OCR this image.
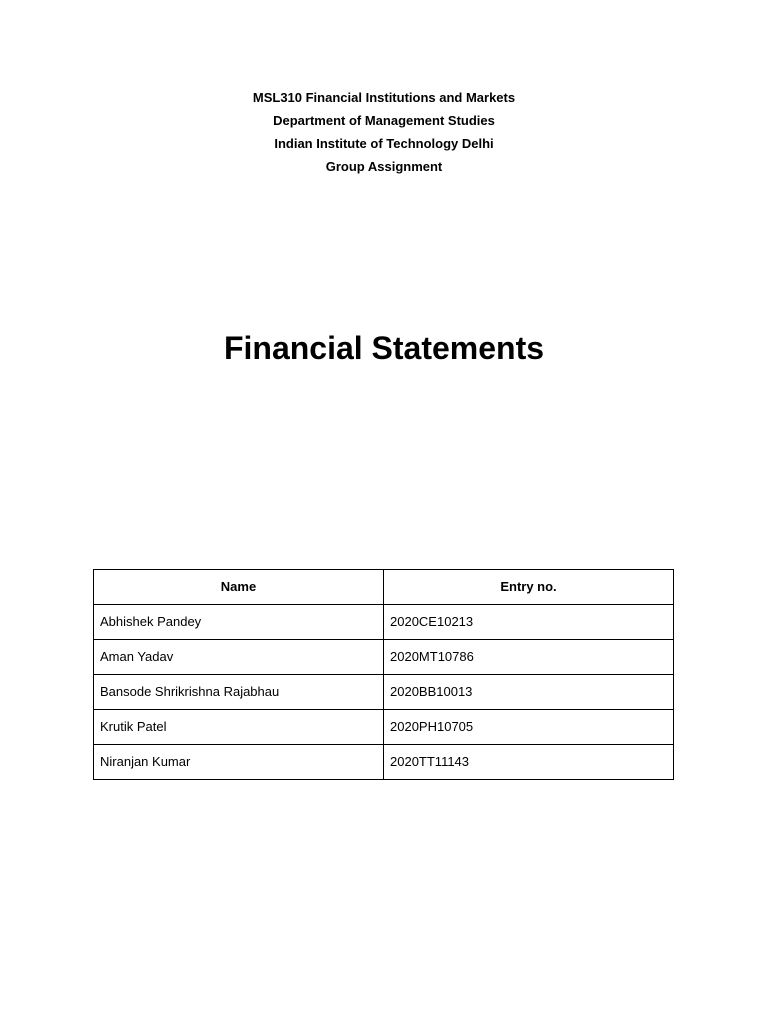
MSL310 Financial Institutions and Markets
Department of Management Studies
Indian Institute of Technology Delhi
Group Assignment
Financial Statements
Name	Entry no.
Abhishek Pandey	2020CE10213
Aman Yadav	2020MT10786
Bansode Shrikrishna Rajabhau	2020BB10013
Krutik Patel	2020PH10705
Niranjan Kumar	2020TT11143
